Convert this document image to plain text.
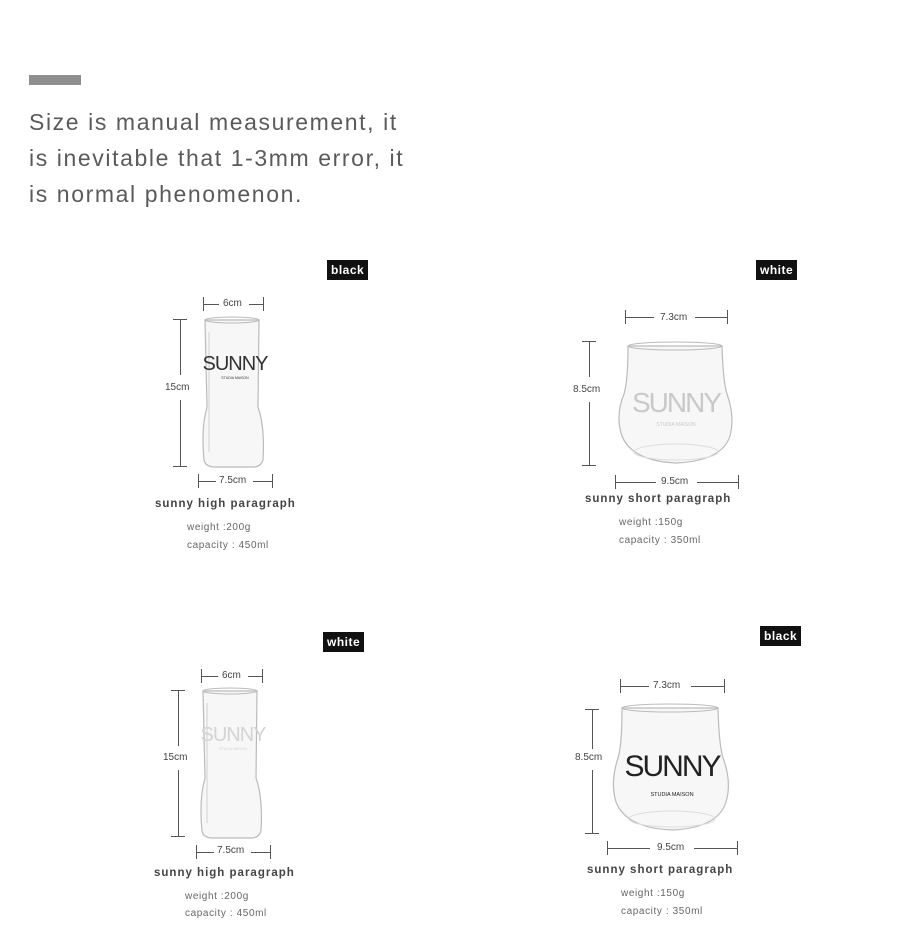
Size is manual measurement, it
is inevitable that 1-3mm error, it
is normal phenomenon.
black
6cm
15cm
SUNNY
STUDIA MAISON
7.5cm
sunny high paragraph
weight :200g
capacity : 450ml
white
7.3cm
8.5cm SUNNY
STUDIA MAISON
9.5cm
sunny short paragraph
weight :150g
capacity : 350ml
white
6cm
15cm
SUNNY
STUDIA MAISON
7.5cm
sunny high paragraph
weight :200g
capacity : 450ml
black
7.3cm
8.5cm SUNNY
STUDIA MAISON
9.5cm
sunny short paragraph
weight :150g
capacity : 350ml
